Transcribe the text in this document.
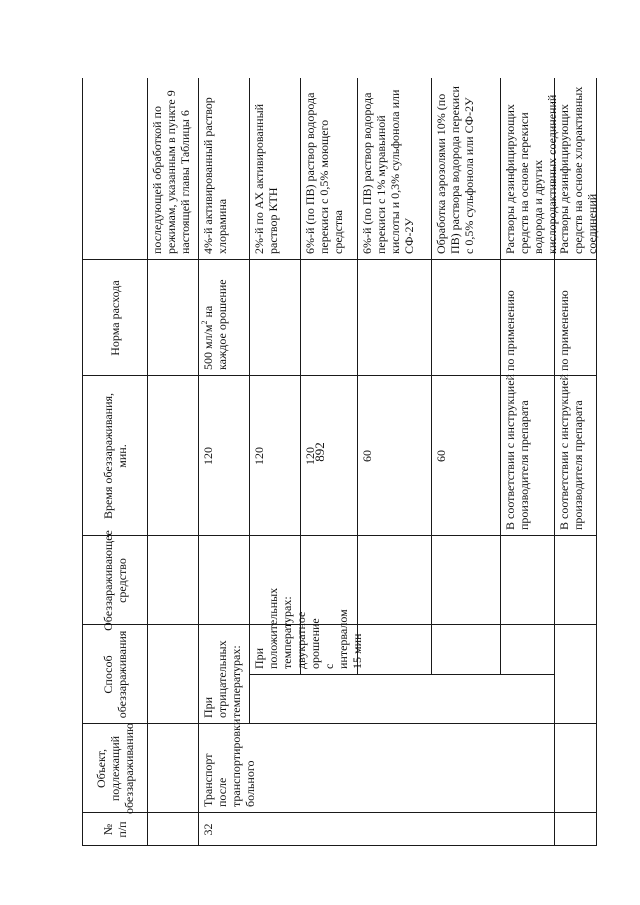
892
№ п/п
Объект, подлежащий обеззараживанию
Способ обеззараживания
Обеззараживающее средство
Время обеззараживания, мин.
Норма расхода
последующей обработкой по режимам, указанным в пункте 9 настоящей главы Таблицы 6
32
Транспорт после транспортировки больного
При отрицательных температурах: При положительных температурах: двукратное орошение с интервалом 15 мин
500 $мл/м^2$ на каждое орошение
4%-й активированный раствор хлорамина
120
2%-й по АХ активированный раствор КТН
120
6%-й (по ПВ) раствор водорода перекиси с 0,5% моющего средства
120
6%-й (по ПВ) раствор водорода перекиси с 1% муравьиной кислоты и 0,3% сульфонола или СФ-2У
60
Обработка аэрозолями 10% (по ПВ) раствора водорода перекиси с 0,5% сульфонола или СФ-2У
60
Растворы дезинфицирующих средств на основе перекиси водорода и других кислородактивных соединений
В соответствии с инструкцией по применению производителя препарата
Растворы дезинфицирующих средств на основе хлорактивных соединений
В соответствии с инструкцией по применению производителя препарата
